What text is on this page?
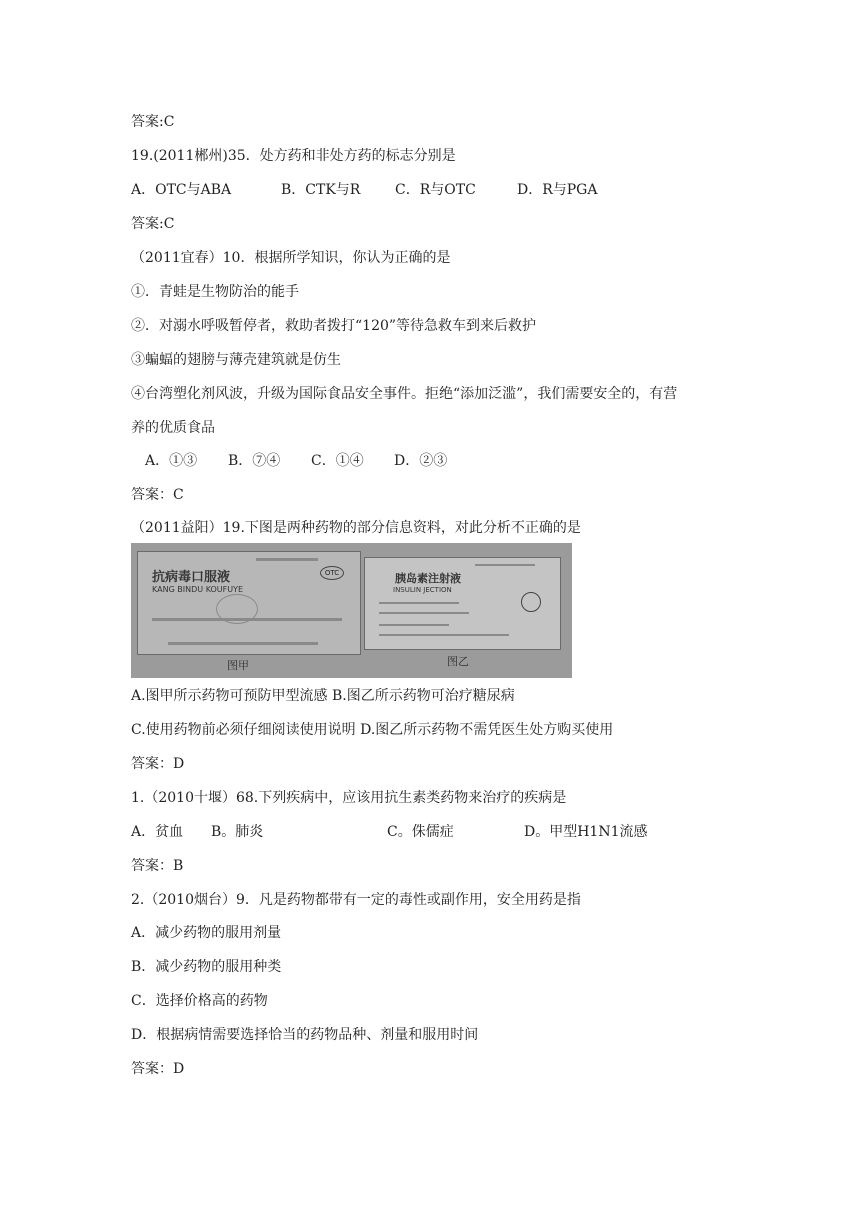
答案:C
19.(2011郴州)35．处方药和非处方药的标志分别是
A．OTC与ABA	B．CTK与R C．R与OTC	D．R与PGA
答案:C
（2011宜春）10．根据所学知识，你认为正确的是
①．青蛙是生物防治的能手
②．对溺水呼吸暂停者，救助者拨打“120”等待急救车到来后救护
③蝙蝠的翅膀与薄壳建筑就是仿生
④台湾塑化剂风波，升级为国际食品安全事件。拒绝“添加泛滥”，我们需要安全的，有营
养的优质食品
A．①③ B．⑦④ C．①④ D．②③
答案：C
（2011益阳）19.下图是两种药物的部分信息资料，对此分析不正确的是
抗病毒口服液
KANG BINDU KOUFUYE
OTC
图甲
胰岛素注射液
INSULIN JECTION
图乙
A.图甲所示药物可预防甲型流感 B.图乙所示药物可治疗糖尿病
C.使用药物前必须仔细阅读使用说明 D.图乙所示药物不需凭医生处方购买使用
答案：D
1.（2010十堰）68.下列疾病中，应该用抗生素类药物来治疗的疾病是
A．贫血 B。肺炎	C。侏儒症	D。甲型H1N1流感
答案：B
2.（2010烟台）9．凡是药物都带有一定的毒性或副作用，安全用药是指
A．减少药物的服用剂量
B．减少药物的服用种类
C．选择价格高的药物
D．根据病情需要选择恰当的药物品种、剂量和服用时间
答案：D
